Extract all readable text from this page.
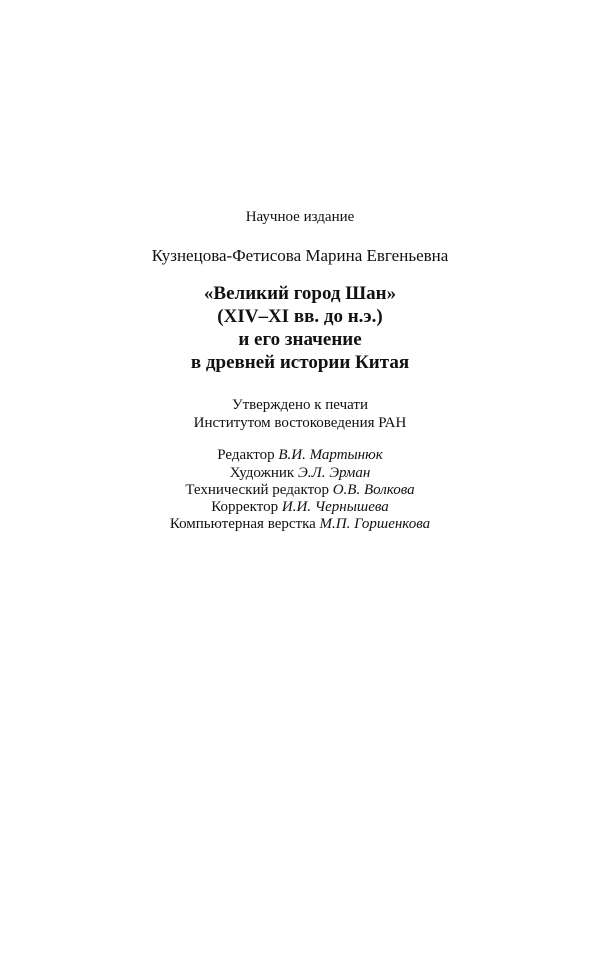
Научное издание
Кузнецова-Фетисова Марина Евгеньевна
«Великий город Шан»
(XIV–XI вв. до н.э.)
и его значение
в древней истории Китая
Утверждено к печати
Институтом востоковедения РАН
Редактор В.И. Мартынюк
Художник Э.Л. Эрман
Технический редактор О.В. Волкова
Корректор И.И. Чернышева
Компьютерная верстка М.П. Горшенкова
